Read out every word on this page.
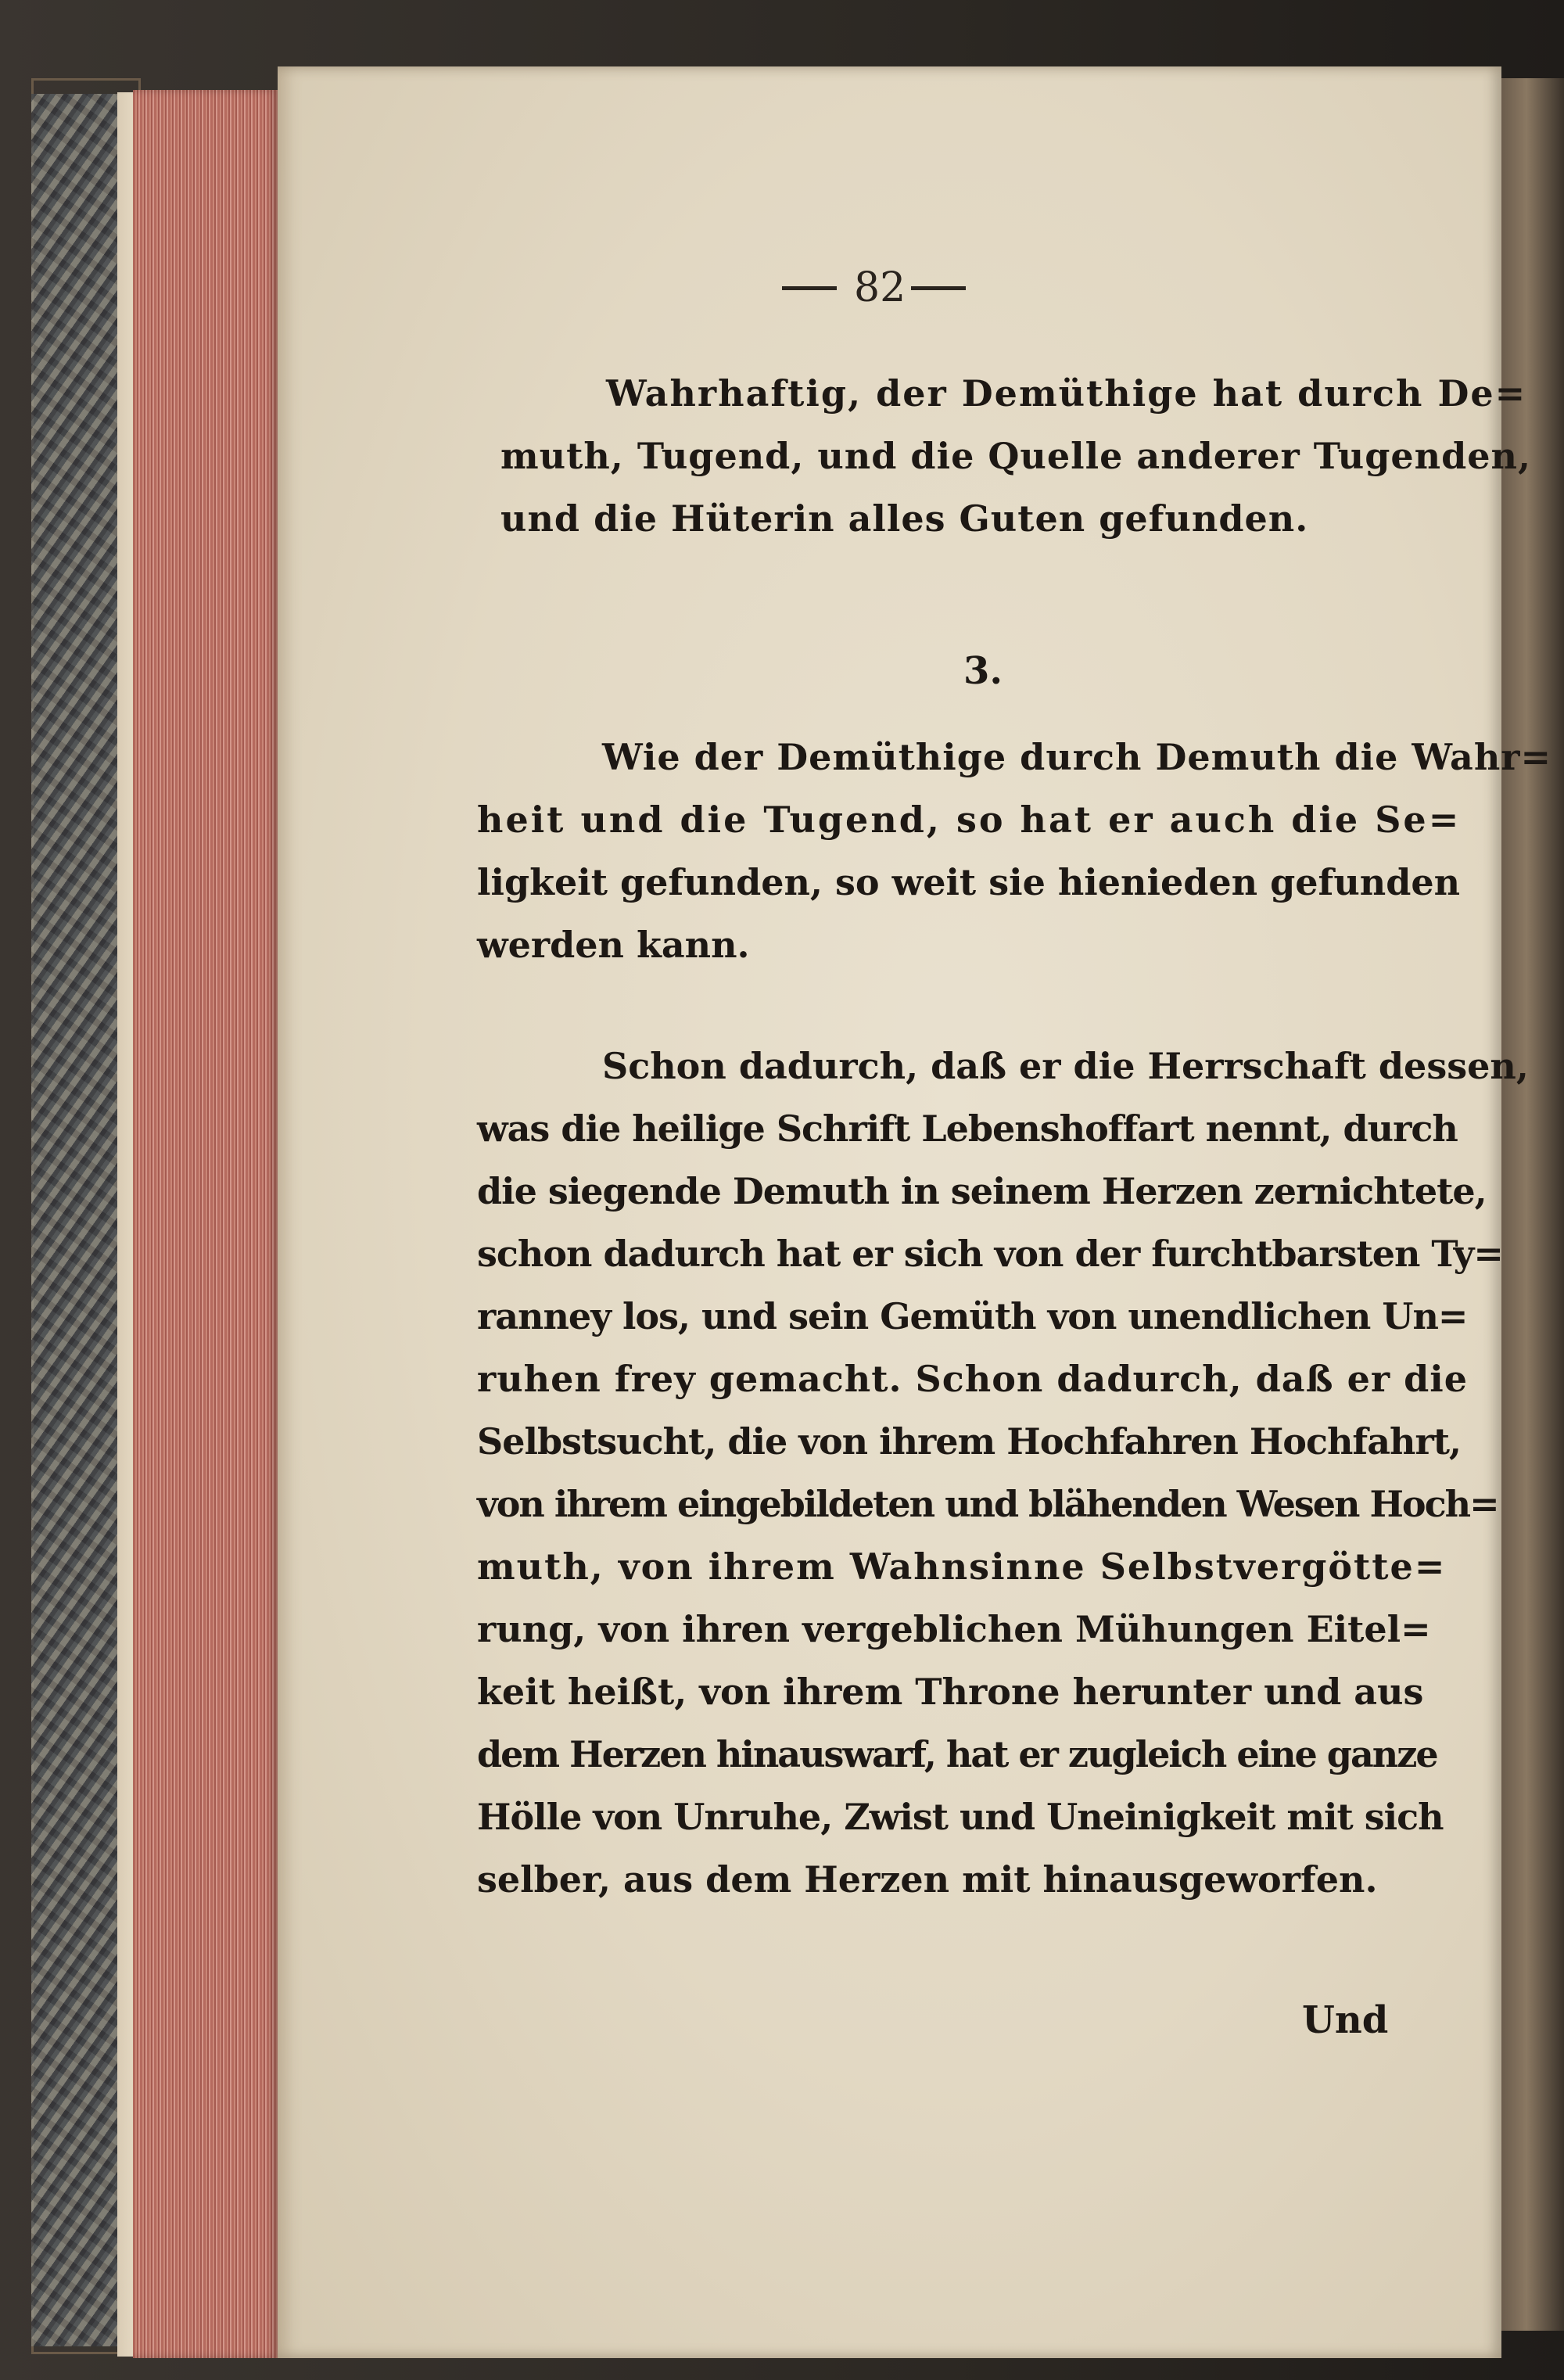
82
Wahrhaftig, der Demüthige hat durch De=
muth, Tugend, und die Quelle anderer Tugenden,
und die Hüterin alles Guten gefunden.
3.
Wie der Demüthige durch Demuth die Wahr=
heit und die Tugend, so hat er auch die Se=
ligkeit gefunden, so weit sie hienieden gefunden
werden kann.
Schon dadurch, daß er die Herrschaft dessen,
was die heilige Schrift Lebenshoffart nennt, durch
die siegende Demuth in seinem Herzen zernichtete,
schon dadurch hat er sich von der furchtbarsten Ty=
ranney los, und sein Gemüth von unendlichen Un=
ruhen frey gemacht. Schon dadurch, daß er die
Selbstsucht, die von ihrem Hochfahren Hochfahrt,
von ihrem eingebildeten und blähenden Wesen Hoch=
muth, von ihrem Wahnsinne Selbstvergötte=
rung, von ihren vergeblichen Mühungen Eitel=
keit heißt, von ihrem Throne herunter und aus
dem Herzen hinauswarf, hat er zugleich eine ganze
Hölle von Unruhe, Zwist und Uneinigkeit mit sich
selber, aus dem Herzen mit hinausgeworfen.
Und
